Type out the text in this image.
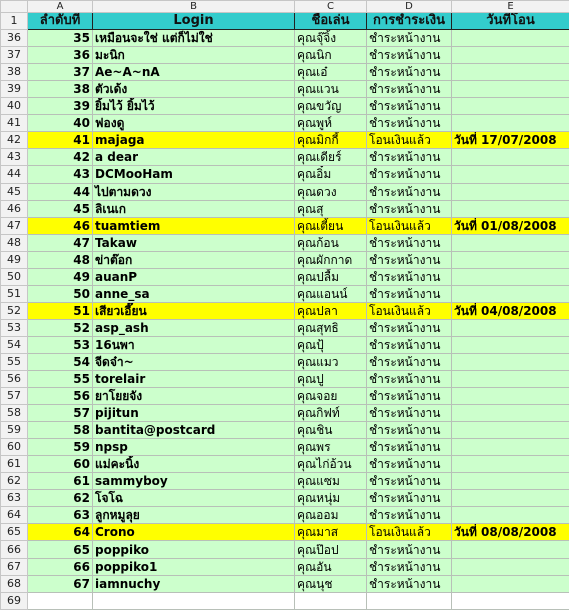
	A	B	C	D	E
1	ลำดับที่	Login	ชื่อเล่น	การชำระเงิน	วันที่โอน
36	35	เหมือนจะใช่ แต่ก็ไม่ใช่	คุณจุ๊จิ้ง	ชำระหน้างาน	
37	36	มะนิก	คุณนิก	ชำระหน้างาน	
38	37	Ae~A~nA	คุณเอ๋	ชำระหน้างาน	
39	38	ตัวเด้ง	คุณแวน	ชำระหน้างาน	
40	39	ยิ้มไว้ ยิ้มไว้	คุณขวัญ	ชำระหน้างาน	
41	40	ฟองดู	คุณพูห์	ชำระหน้างาน	
42	41	majaga	คุณมิกกี้	โอนเงินแล้ว	วันที่ 17/07/2008
43	42	a dear	คุณเดียร์	ชำระหน้างาน	
44	43	DCMooHam	คุณอิ๋ม	ชำระหน้างาน	
45	44	ไปตามดวง	คุณดวง	ชำระหน้างาน	
46	45	ลิเนเก	คุณสุ	ชำระหน้างาน	
47	46	tuamtiem	คุณเตี้ยน	โอนเงินแล้ว	วันที่ 01/08/2008
48	47	Takaw	คุณก้อน	ชำระหน้างาน	
49	48	ข่าต๊อก	คุณผักกาด	ชำระหน้างาน	
50	49	auanP	คุณปลื้ม	ชำระหน้างาน	
51	50	anne_sa	คุณแอนน์	ชำระหน้างาน	
52	51	เสียวเอี๊ยน	คุณปลา	โอนเงินแล้ว	วันที่ 04/08/2008
53	52	asp_ash	คุณสุทธิ	ชำระหน้างาน	
54	53	16นพา	คุณปุ้	ชำระหน้างาน	
55	54	จีดจ๋า~	คุณแมว	ชำระหน้างาน	
56	55	torelair	คุณปู	ชำระหน้างาน	
57	56	ยาโยยจัง	คุณจอย	ชำระหน้างาน	
58	57	pijitun	คุณกิฟท์	ชำระหน้างาน	
59	58	bantita@postcard	คุณชิน	ชำระหน้างาน	
60	59	npsp	คุณพร	ชำระหน้างาน	
61	60	แม่คะนิ้ง	คุณไก่อ้วน	ชำระหน้างาน	
62	61	sammyboy	คุณแซม	ชำระหน้างาน	
63	62	โจโฉ	คุณหนุ่ม	ชำระหน้างาน	
64	63	ลูกหมูลุย	คุณออม	ชำระหน้างาน	
65	64	Crono	คุณมาส	โอนเงินแล้ว	วันที่ 08/08/2008
66	65	poppiko	คุณป๊อป	ชำระหน้างาน	
67	66	poppiko1	คุณอัน	ชำระหน้างาน	
68	67	iamnuchy	คุณนุช	ชำระหน้างาน	
69					
